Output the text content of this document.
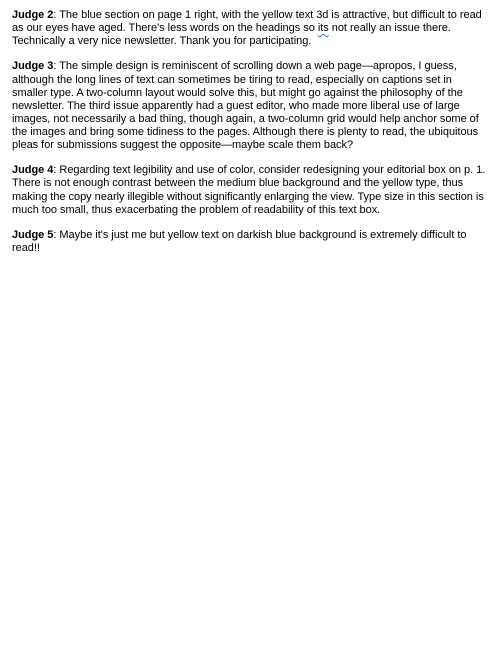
Judge 2: The blue section on page 1 right, with the yellow text 3d is attractive, but difficult to read as our eyes have aged. There's less words on the headings so its not really an issue there. Technically a very nice newsletter. Thank you for participating.

Judge 3: The simple design is reminiscent of scrolling down a web page—apropos, I guess, although the long lines of text can sometimes be tiring to read, especially on captions set in smaller type. A two-column layout would solve this, but might go against the philosophy of the newsletter. The third issue apparently had a guest editor, who made more liberal use of large images, not necessarily a bad thing, though again, a two-column grid would help anchor some of the images and bring some tidiness to the pages. Although there is plenty to read, the ubiquitous pleas for submissions suggest the opposite—maybe scale them back?

Judge 4: Regarding text legibility and use of color, consider redesigning your editorial box on p. 1. There is not enough contrast between the medium blue background and the yellow type, thus making the copy nearly illegible without significantly enlarging the view. Type size in this section is much too small, thus exacerbating the problem of readability of this text box.

Judge 5: Maybe it's just me but yellow text on darkish blue background is extremely difficult to read!!
